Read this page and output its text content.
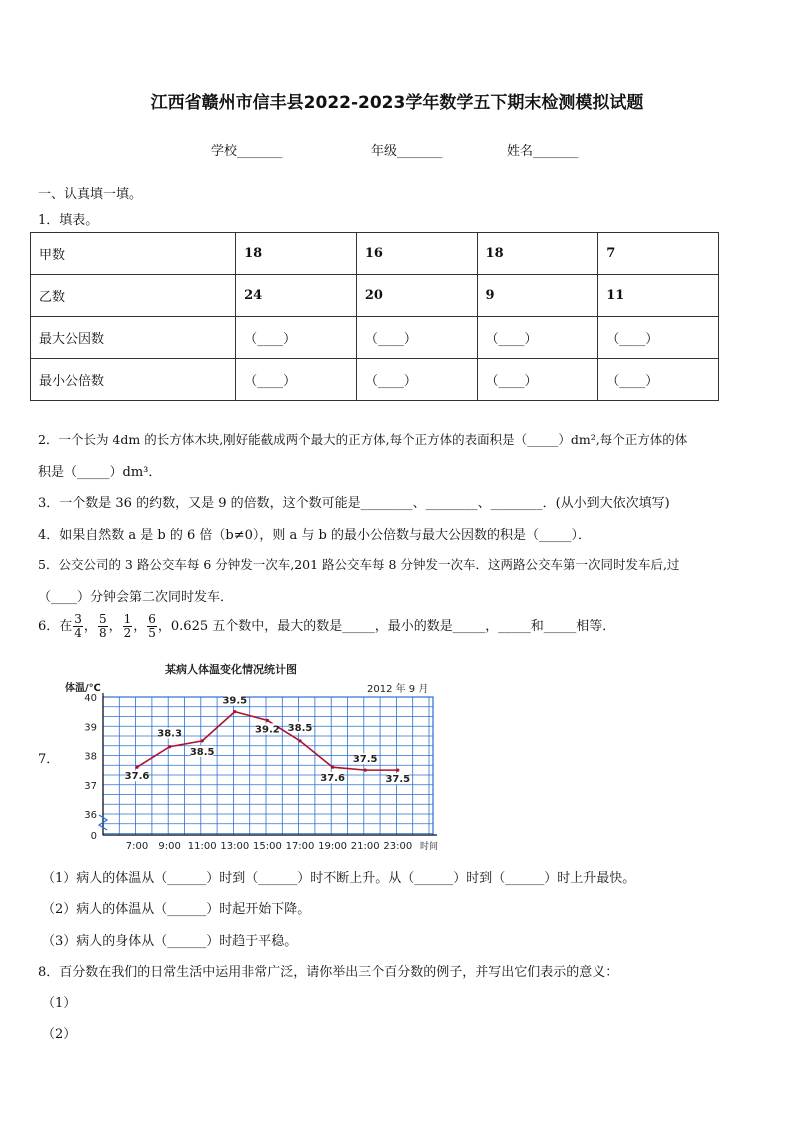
江西省赣州市信丰县2022-2023学年数学五下期末检测模拟试题
学校_______	年级_______	姓名_______
一、认真填一填。
1．填表。
甲数	18	16	18	7
乙数	24	20	9	11
最大公因数	（____）	（____）	（____）	（____）
最小公倍数	（____）	（____）	（____）	（____）
2．一个长为 4dm 的长方体木块,刚好能截成两个最大的正方体,每个正方体的表面积是（_____）dm²,每个正方体的体
积是（_____）dm³．
3．一个数是 36 的约数，又是 9 的倍数，这个数可能是________、________、________．(从小到大依次填写)
4．如果自然数 a 是 b 的 6 倍（b≠0），则 a 与 b 的最小公倍数与最大公因数的积是（_____）．
5．公交公司的 3 路公交车每 6 分钟发一次车,201 路公交车每 8 分钟发一次车．这两路公交车第一次同时发车后,过
（____）分钟会第二次同时发车．
6．在 $\frac{3}{4}$ ， $\frac{5}{8}$ ， $\frac{1}{2}$ ， $\frac{6}{5}$ ，0.625 五个数中，最大的数是_____，最小的数是_____，_____和_____相等．
7．
某病人体温变化情况统计图
2012 年 9 月
体温/℃
时间
40
39
38
37
36
0
7:00 9:00 11:00 13:00 15:00 17:00 19:00 21:00 23:00
37.6
38.3
38.5
39.5
39.2 38.5
37.6
37.5
37.5
（1）病人的体温从（______）时到（______）时不断上升。从（______）时到（______）时上升最快。
（2）病人的体温从（______）时起开始下降。
（3）病人的身体从（______）时趋于平稳。
8．百分数在我们的日常生活中运用非常广泛，请你举出三个百分数的例子，并写出它们表示的意义：
（1）
（2）
